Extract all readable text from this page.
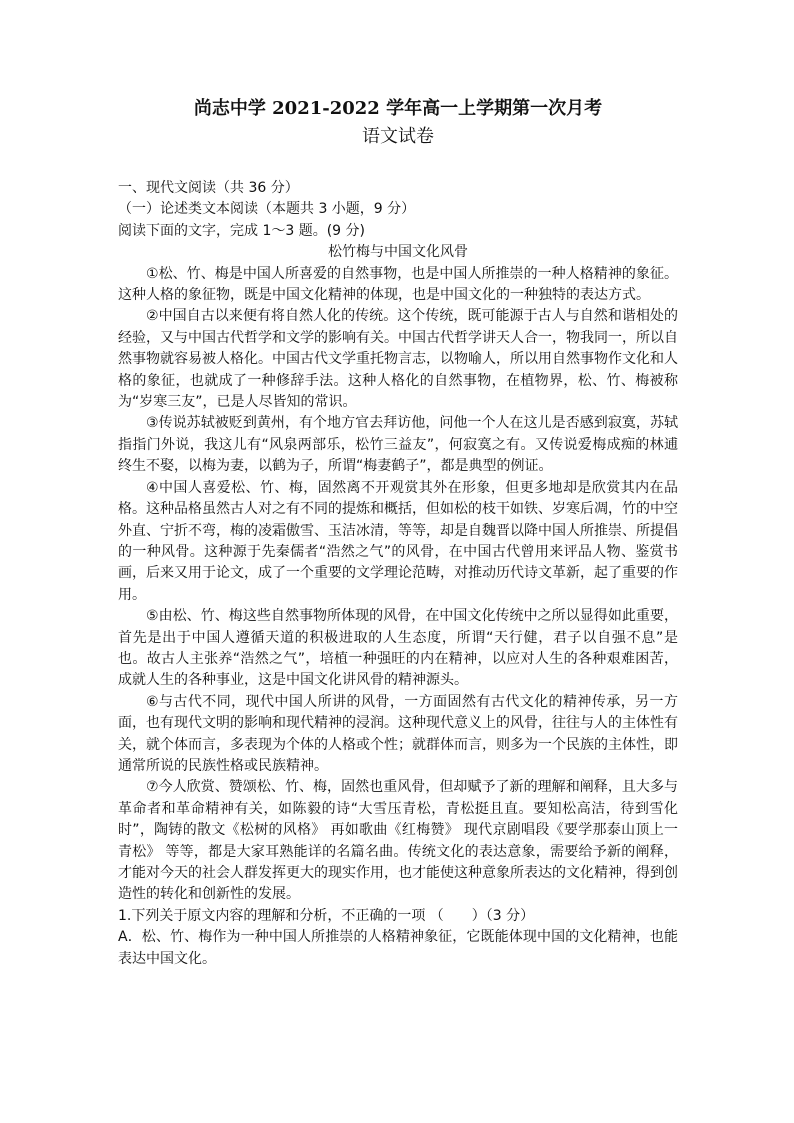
尚志中学 2021-2022 学年高一上学期第一次月考

语文试卷

一、现代文阅读（共 36 分）

（一）论述类文本阅读（本题共 3 小题，9 分）

阅读下面的文字，完成 1～3 题。(9 分)

松竹梅与中国文化风骨

①松、竹、梅是中国人所喜爱的自然事物，也是中国人所推崇的一种人格精神的象征。这种人格的象征物，既是中国文化精神的体现，也是中国文化的一种独特的表达方式。

②中国自古以来便有将自然人化的传统。这个传统，既可能源于古人与自然和谐相处的经验，又与中国古代哲学和文学的影响有关。中国古代哲学讲天人合一，物我同一，所以自然事物就容易被人格化。中国古代文学重托物言志，以物喻人，所以用自然事物作文化和人格的象征，也就成了一种修辞手法。这种人格化的自然事物，在植物界，松、竹、梅被称为“岁寒三友”，已是人尽皆知的常识。

③传说苏轼被贬到黄州，有个地方官去拜访他，问他一个人在这儿是否感到寂寞，苏轼指指门外说，我这儿有“风泉两部乐，松竹三益友”，何寂寞之有。又传说爱梅成痴的林逋终生不娶，以梅为妻，以鹤为子，所谓“梅妻鹤子”，都是典型的例证。

④中国人喜爱松、竹、梅，固然离不开观赏其外在形象，但更多地却是欣赏其内在品格。这种品格虽然古人对之有不同的提炼和概括，但如松的枝干如铁、岁寒后凋，竹的中空外直、宁折不弯，梅的凌霜傲雪、玉洁冰清，等等，却是自魏晋以降中国人所推崇、所提倡的一种风骨。这种源于先秦儒者“浩然之气”的风骨，在中国古代曾用来评品人物、鉴赏书画，后来又用于论文，成了一个重要的文学理论范畴，对推动历代诗文革新，起了重要的作用。

⑤由松、竹、梅这些自然事物所体现的风骨，在中国文化传统中之所以显得如此重要，首先是出于中国人遵循天道的积极进取的人生态度，所谓“天行健，君子以自强不息”是也。故古人主张养“浩然之气”，培植一种强旺的内在精神，以应对人生的各种艰难困苦，成就人生的各种事业，这是中国文化讲风骨的精神源头。

⑥与古代不同，现代中国人所讲的风骨，一方面固然有古代文化的精神传承，另一方面，也有现代文明的影响和现代精神的浸润。这种现代意义上的风骨，往往与人的主体性有关，就个体而言，多表现为个体的人格或个性；就群体而言，则多为一个民族的主体性，即通常所说的民族性格或民族精神。

⑦今人欣赏、赞颂松、竹、梅，固然也重风骨，但却赋予了新的理解和阐释，且大多与革命者和革命精神有关，如陈毅的诗“大雪压青松，青松挺且直。要知松高洁，待到雪化时”，陶铸的散文《松树的风格》 再如歌曲《红梅赞》 现代京剧唱段《要学那泰山顶上一青松》 等等，都是大家耳熟能详的名篇名曲。传统文化的表达意象，需要给予新的阐释，才能对今天的社会人群发挥更大的现实作用，也才能使这种意象所表达的文化精神，得到创造性的转化和创新性的发展。

1.下列关于原文内容的理解和分析，不正确的一项 （　　）（3 分）

A．松、竹、梅作为一种中国人所推崇的人格精神象征，它既能体现中国的文化精神，也能表达中国文化。
